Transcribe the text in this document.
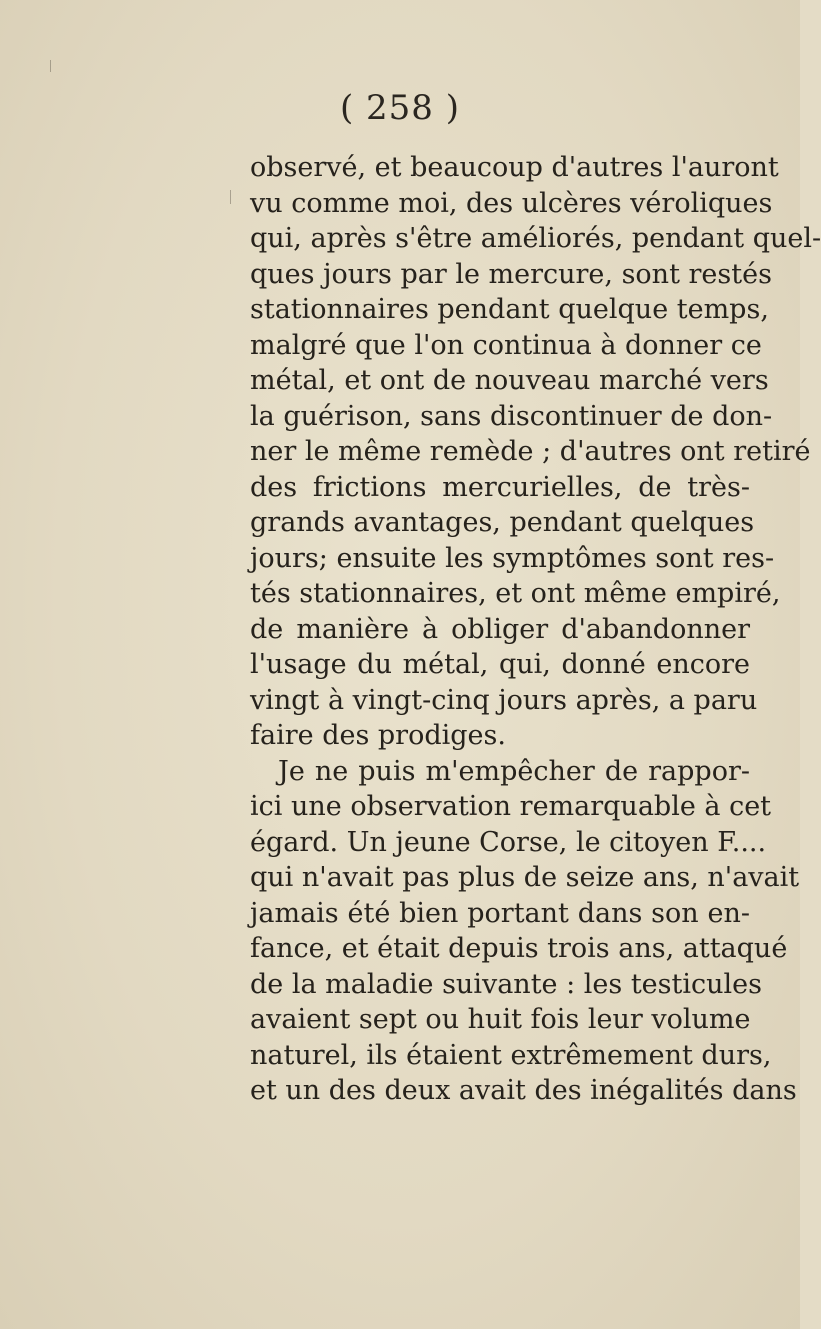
( 258 )
observé, et beaucoup d'autres l'auront
vu comme moi, des ulcères véroliques
qui, après s'être améliorés, pendant quel-
ques jours par le mercure, sont restés
stationnaires pendant quelque temps,
malgré que l'on continua à donner ce
métal, et ont de nouveau marché vers
la guérison, sans discontinuer de don-
ner le même remède ; d'autres ont retiré
des frictions mercurielles, de très-
grands avantages, pendant quelques
jours; ensuite les symptômes sont res-
tés stationnaires, et ont même empiré,
de manière à obliger d'abandonner
l'usage du métal, qui, donné encore
vingt à vingt-cinq jours après, a paru
faire des prodiges.
Je ne puis m'empêcher de rappor-
ici une observation remarquable à cet
égard. Un jeune Corse, le citoyen F....
qui n'avait pas plus de seize ans, n'avait
jamais été bien portant dans son en-
fance, et était depuis trois ans, attaqué
de la maladie suivante : les testicules
avaient sept ou huit fois leur volume
naturel, ils étaient extrêmement durs,
et un des deux avait des inégalités dans
